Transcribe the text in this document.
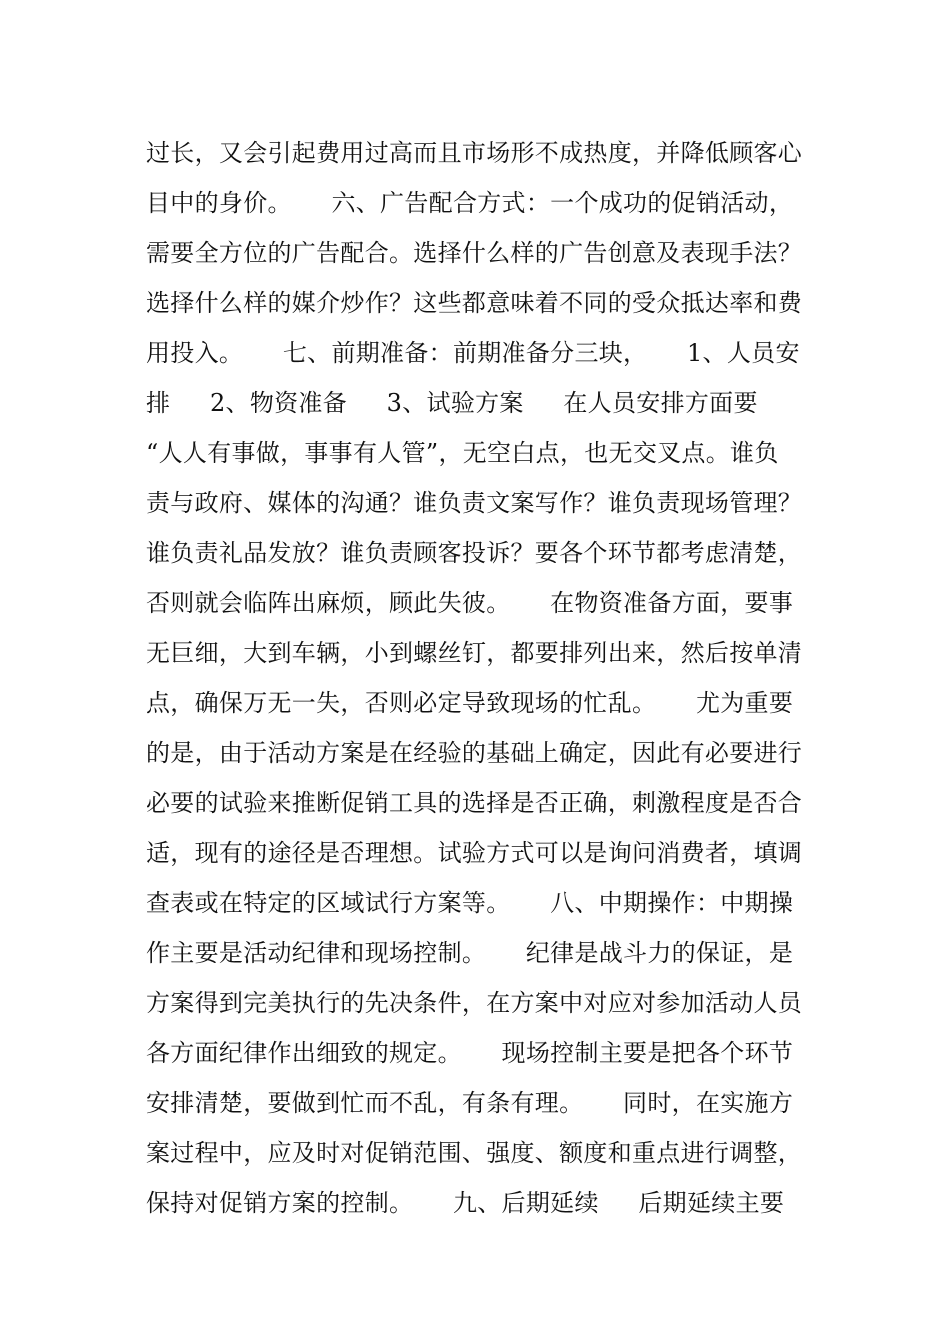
过长，又会引起费用过高而且市场形不成热度，并降低顾客心
目中的身价。     六、广告配合方式：一个成功的促销活动，
需要全方位的广告配合。选择什么样的广告创意及表现手法？
选择什么样的媒介炒作？这些都意味着不同的受众抵达率和费
用投入。     七、前期准备：前期准备分三块，     1、人员安
排     2、物资准备     3、试验方案     在人员安排方面要
“人人有事做，事事有人管”，无空白点，也无交叉点。谁负
责与政府、媒体的沟通？谁负责文案写作？谁负责现场管理？
谁负责礼品发放？谁负责顾客投诉？要各个环节都考虑清楚，
否则就会临阵出麻烦，顾此失彼。     在物资准备方面，要事
无巨细，大到车辆，小到螺丝钉，都要排列出来，然后按单清
点，确保万无一失，否则必定导致现场的忙乱。     尤为重要
的是，由于活动方案是在经验的基础上确定，因此有必要进行
必要的试验来推断促销工具的选择是否正确，刺激程度是否合
适，现有的途径是否理想。试验方式可以是询问消费者，填调
查表或在特定的区域试行方案等。     八、中期操作：中期操
作主要是活动纪律和现场控制。     纪律是战斗力的保证，是
方案得到完美执行的先决条件，在方案中对应对参加活动人员
各方面纪律作出细致的规定。     现场控制主要是把各个环节
安排清楚，要做到忙而不乱，有条有理。     同时，在实施方
案过程中，应及时对促销范围、强度、额度和重点进行调整，
保持对促销方案的控制。     九、后期延续     后期延续主要
